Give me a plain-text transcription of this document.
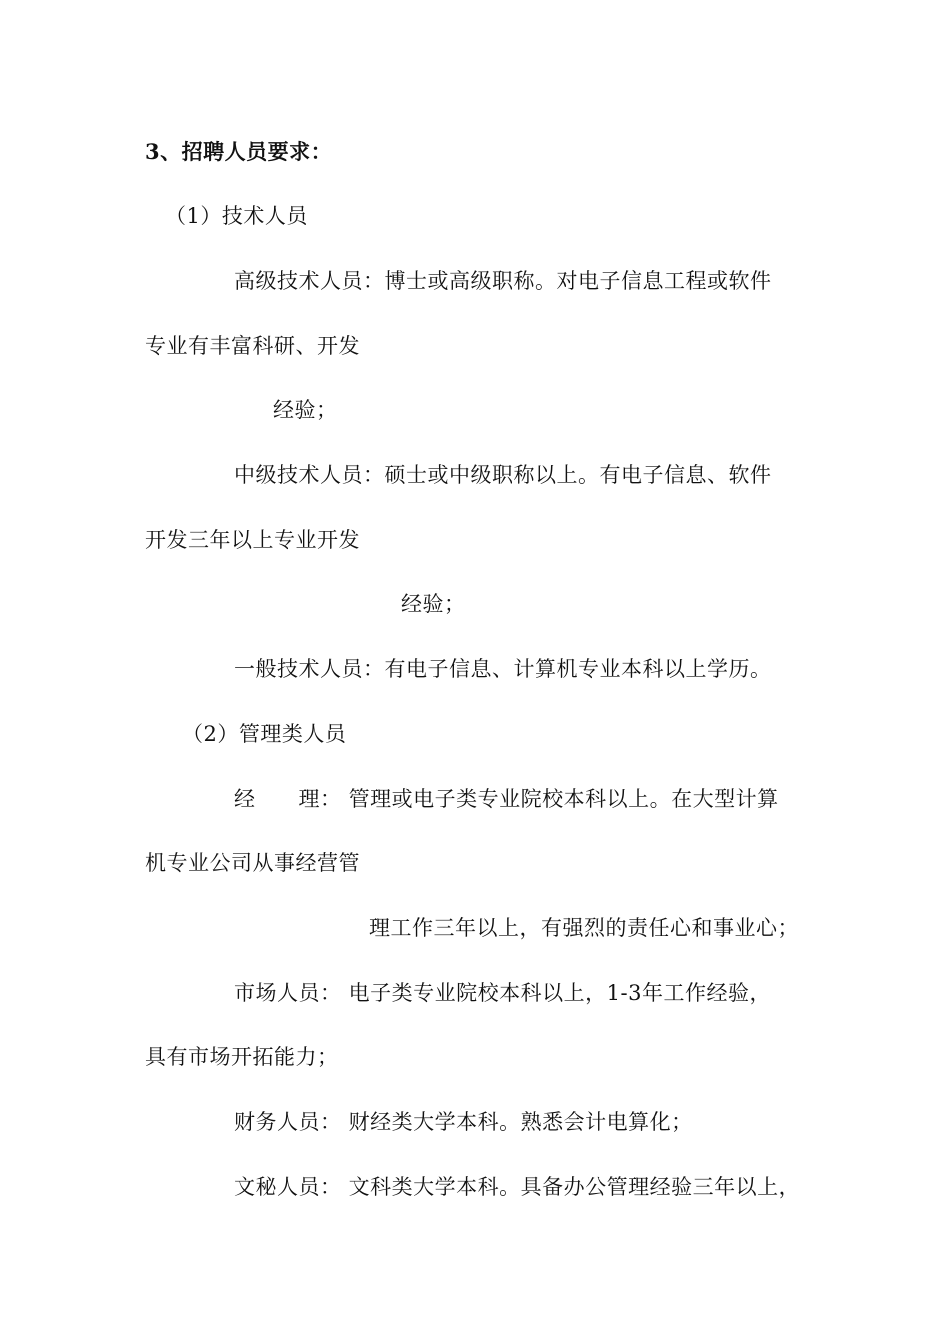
3、招聘人员要求：
（1）技术人员
高级技术人员：博士或高级职称。对电子信息工程或软件
专业有丰富科研、开发
经验；
中级技术人员：硕士或中级职称以上。有电子信息、软件
开发三年以上专业开发
经验；
一般技术人员：有电子信息、计算机专业本科以上学历。
（2）管理类人员
经　　理： 管理或电子类专业院校本科以上。在大型计算
机专业公司从事经营管
理工作三年以上，有强烈的责任心和事业心；
市场人员： 电子类专业院校本科以上，1-3年工作经验，
具有市场开拓能力；
财务人员： 财经类大学本科。熟悉会计电算化；
文秘人员： 文科类大学本科。具备办公管理经验三年以上，
